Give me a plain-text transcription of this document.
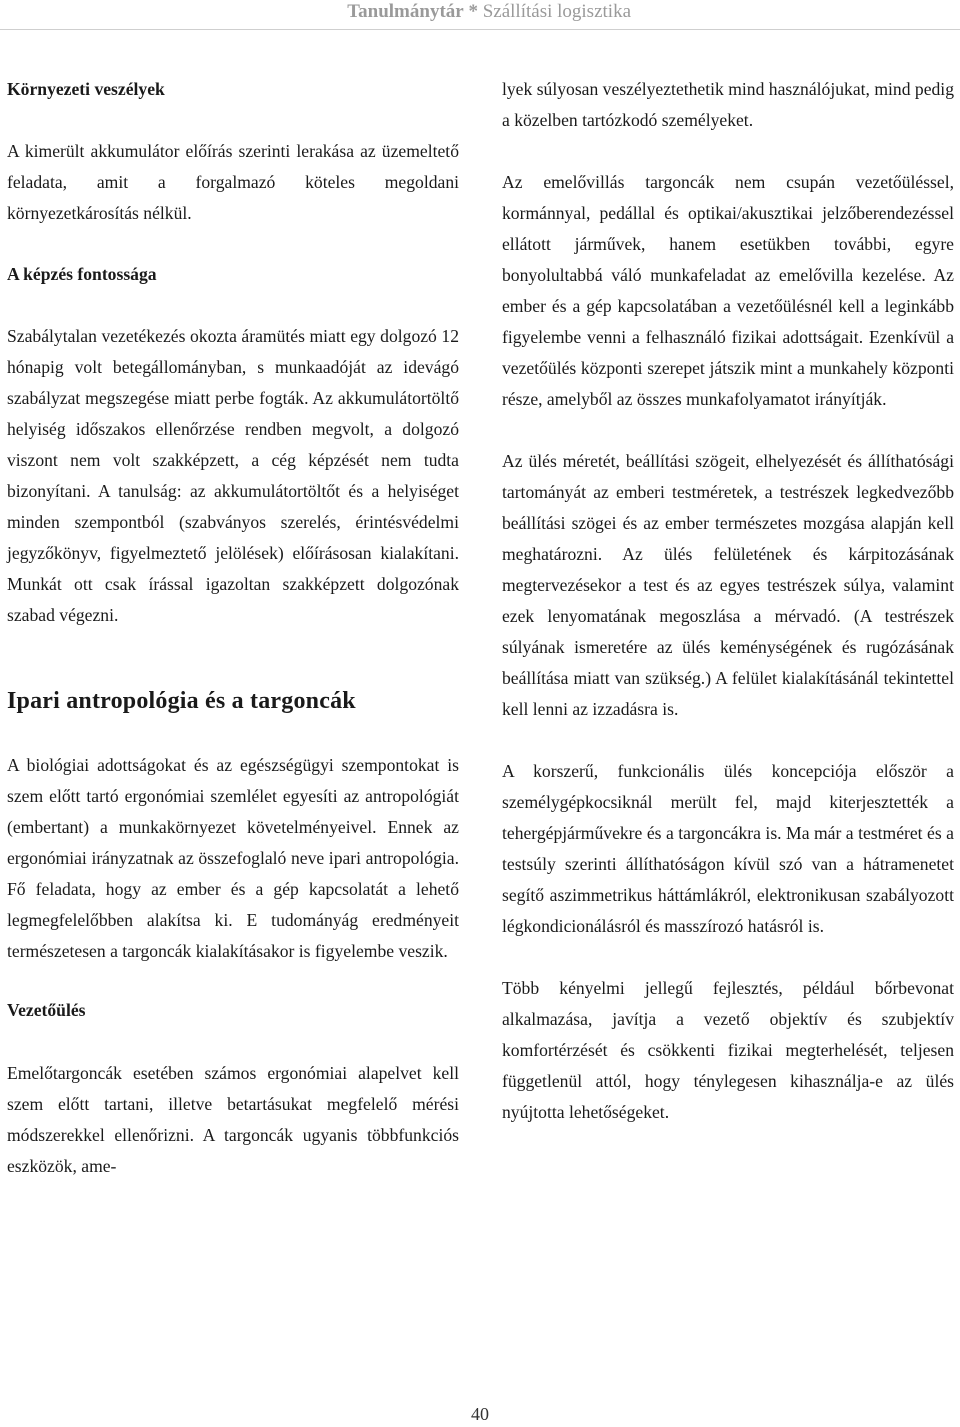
Tanulmánytár * Szállítási logisztika

Környezeti veszélyek

A kimerült akkumulátor előírás szerinti lerakása az üzemeltető feladata, amit a forgalmazó köteles megoldani környezetkárosítás nélkül.

A képzés fontossága

Szabálytalan vezetékezés okozta áramütés miatt egy dolgozó 12 hónapig volt betegállományban, s munkaadóját az idevágó szabályzat megszegése miatt perbe fogták. Az akkumulátortöltő helyiség időszakos ellenőrzése rendben megvolt, a dolgozó viszont nem volt szakképzett, a cég képzését nem tudta bizonyítani. A tanulság: az akkumulátortöltőt és a helyiséget minden szempontból (szabványos szerelés, érintésvédelmi jegyzőkönyv, figyelmeztető jelölések) előírásosan kialakítani. Munkát ott csak írással igazoltan szakképzett dolgozónak szabad végezni.

Ipari antropológia és a targoncák

A biológiai adottságokat és az egészségügyi szempontokat is szem előtt tartó ergonómiai szemlélet egyesíti az antropológiát (embertant) a munkakörnyezet követelményeivel. Ennek az ergonómiai irányzatnak az összefoglaló neve ipari antropológia. Fő feladata, hogy az ember és a gép kapcsolatát a lehető legmegfelelőbben alakítsa ki. E tudományág eredményeit természetesen a targoncák kialakításakor is figyelembe veszik.

Vezetőülés

Emelőtargoncák esetében számos ergonómiai alapelvet kell szem előtt tartani, illetve betartásukat megfelelő mérési módszerekkel ellenőrizni. A targoncák ugyanis többfunkciós eszközök, ame-

lyek súlyosan veszélyeztethetik mind használójukat, mind pedig a közelben tartózkodó személyeket.

Az emelővillás targoncák nem csupán vezetőüléssel, kormánnyal, pedállal és optikai/akusztikai jelzőberendezéssel ellátott járművek, hanem esetükben további, egyre bonyolultabbá váló munkafeladat az emelővilla kezelése. Az ember és a gép kapcsolatában a vezetőülésnél kell a leginkább figyelembe venni a felhasználó fizikai adottságait. Ezenkívül a vezetőülés központi szerepet játszik mint a munkahely központi része, amelyből az összes munkafolyamatot irányítják.

Az ülés méretét, beállítási szögeit, elhelyezését és állíthatósági tartományát az emberi testméretek, a testrészek legkedvezőbb beállítási szögei és az ember természetes mozgása alapján kell meghatározni. Az ülés felületének és kárpitozásának megtervezésekor a test és az egyes testrészek súlya, valamint ezek lenyomatának megoszlása a mérvadó. (A testrészek súlyának ismeretére az ülés keménységének és rugózásának beállítása miatt van szükség.) A felület kialakításánál tekintettel kell lenni az izzadásra is.

A korszerű, funkcionális ülés koncepciója először a személygépkocsiknál merült fel, majd kiterjesztették a tehergépjárművekre és a targoncákra is. Ma már a testméret és a testsúly szerinti állíthatóságon kívül szó van a hátramenetet segítő aszimmetrikus háttámlákról, elektronikusan szabályozott légkondicionálásról és masszírozó hatásról is.

Több kényelmi jellegű fejlesztés, például bőrbevonat alkalmazása, javítja a vezető objektív és szubjektív komfortérzését és csökkenti fizikai megterhelését, teljesen függetlenül attól, hogy ténylegesen kihasználja-e az ülés nyújtotta lehetőségeket.

40
